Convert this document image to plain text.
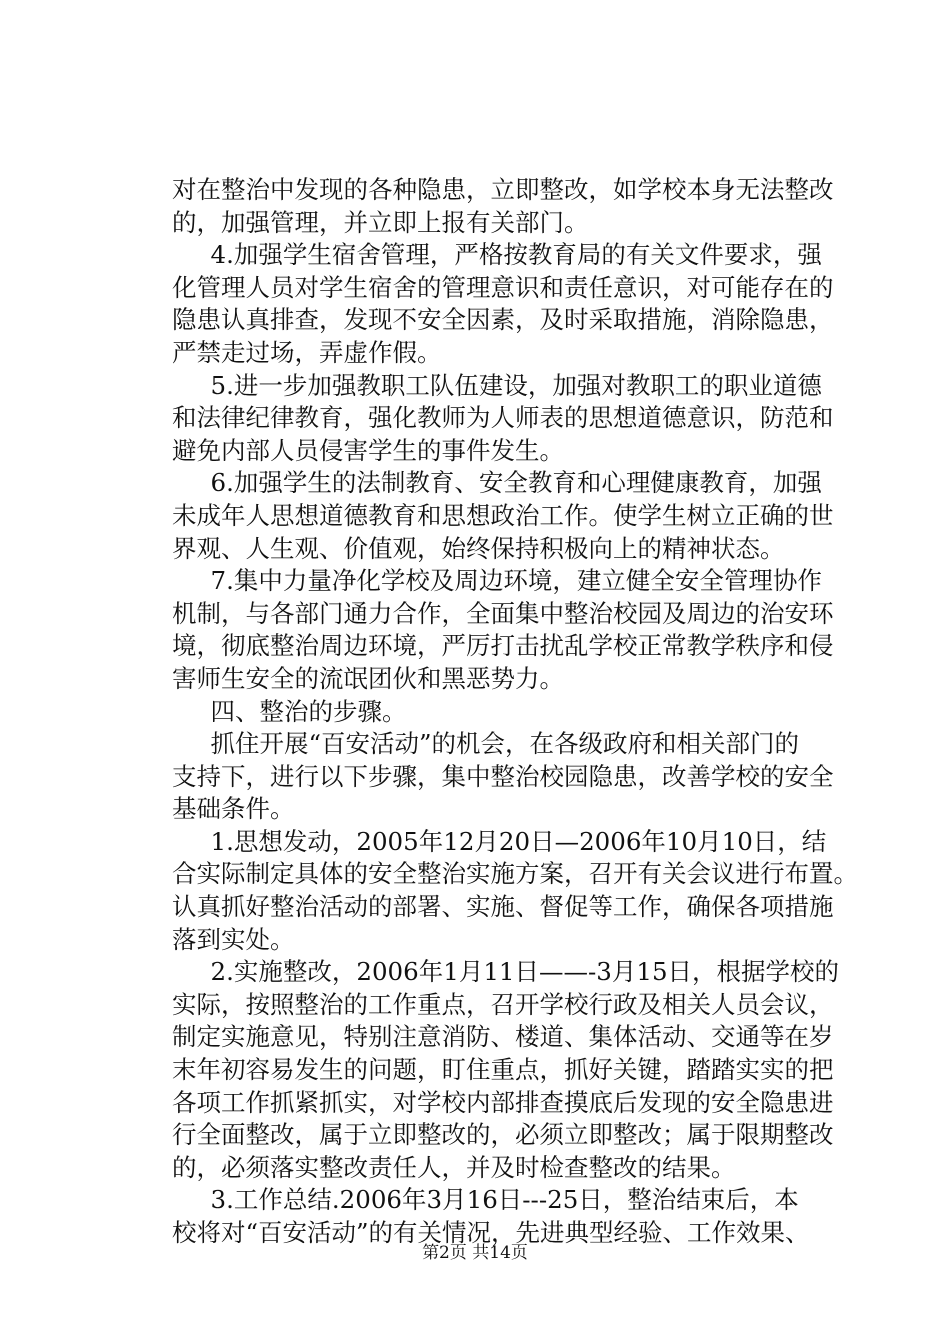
对在整治中发现的各种隐患，立即整改，如学校本身无法整改
的，加强管理，并立即上报有关部门。
　4.加强学生宿舍管理，严格按教育局的有关文件要求，强
化管理人员对学生宿舍的管理意识和责任意识，对可能存在的
隐患认真排查，发现不安全因素，及时采取措施，消除隐患，
严禁走过场，弄虚作假。
　5.进一步加强教职工队伍建设，加强对教职工的职业道德
和法律纪律教育，强化教师为人师表的思想道德意识，防范和
避免内部人员侵害学生的事件发生。
　6.加强学生的法制教育、安全教育和心理健康教育，加强
未成年人思想道德教育和思想政治工作。使学生树立正确的世
界观、人生观、价值观，始终保持积极向上的精神状态。
　7.集中力量净化学校及周边环境，建立健全安全管理协作
机制，与各部门通力合作，全面集中整治校园及周边的治安环
境，彻底整治周边环境，严厉打击扰乱学校正常教学秩序和侵
害师生安全的流氓团伙和黑恶势力。
　四、整治的步骤。
　抓住开展“百安活动”的机会，在各级政府和相关部门的
支持下，进行以下步骤，集中整治校园隐患，改善学校的安全
基础条件。
　1.思想发动，2005年12月20日—2006年10月10日，结
合实际制定具体的安全整治实施方案，召开有关会议进行布置。
认真抓好整治活动的部署、实施、督促等工作，确保各项措施
落到实处。
　2.实施整改，2006年1月11日——-3月15日，根据学校的
实际，按照整治的工作重点，召开学校行政及相关人员会议，
制定实施意见，特别注意消防、楼道、集体活动、交通等在岁
末年初容易发生的问题，盯住重点，抓好关键，踏踏实实的把
各项工作抓紧抓实，对学校内部排查摸底后发现的安全隐患进
行全面整改，属于立即整改的，必须立即整改；属于限期整改
的，必须落实整改责任人，并及时检查整改的结果。
　3.工作总结.2006年3月16日---25日，整治结束后，本
校将对“百安活动”的有关情况，先进典型经验、工作效果、
第2页 共14页
